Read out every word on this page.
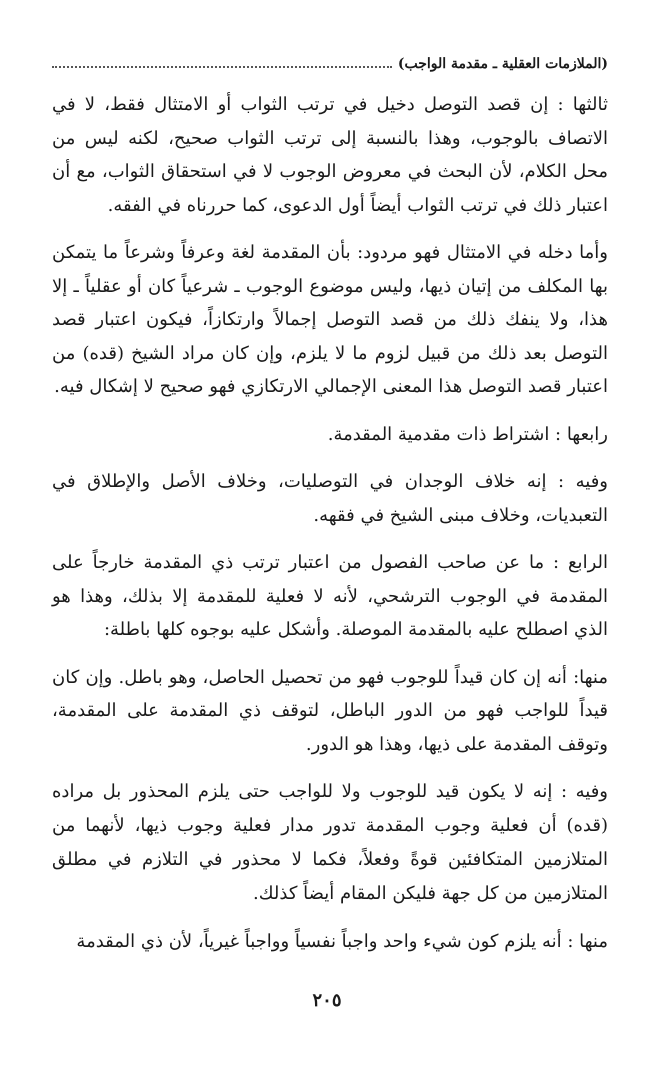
(الملازمات العقلية ـ مقدمة الواجب)

ثالثها : إن قصد التوصل دخيل في ترتب الثواب أو الامتثال فقط، لا في الاتصاف بالوجوب، وهذا بالنسبة إلى ترتب الثواب صحيح، لكنه ليس من محل الكلام، لأن البحث في معروض الوجوب لا في استحقاق الثواب، مع أن اعتبار ذلك في ترتب الثواب أيضاً أول الدعوى، كما حررناه في الفقه.

وأما دخله في الامتثال فهو مردود: بأن المقدمة لغة وعرفاً وشرعاً ما يتمكن بها المكلف من إتيان ذيها، وليس موضوع الوجوب ـ شرعياً كان أو عقلياً ـ إلا هذا، ولا ينفك ذلك من قصد التوصل إجمالاً وارتكازاً، فيكون اعتبار قصد التوصل بعد ذلك من قبيل لزوم ما لا يلزم، وإن كان مراد الشيخ (قده) من اعتبار قصد التوصل هذا المعنى الإجمالي الارتكازي فهو صحيح لا إشكال فيه.

رابعها : اشتراط ذات مقدمية المقدمة.

وفيه : إنه خلاف الوجدان في التوصليات، وخلاف الأصل والإطلاق في التعبديات، وخلاف مبنى الشيخ في فقهه.

الرابع : ما عن صاحب الفصول من اعتبار ترتب ذي المقدمة خارجاً على المقدمة في الوجوب الترشحي، لأنه لا فعلية للمقدمة إلا بذلك، وهذا هو الذي اصطلح عليه بالمقدمة الموصلة. وأشكل عليه بوجوه كلها باطلة:

منها: أنه إن كان قيداً للوجوب فهو من تحصيل الحاصل، وهو باطل. وإن كان قيداً للواجب فهو من الدور الباطل، لتوقف ذي المقدمة على المقدمة، وتوقف المقدمة على ذيها، وهذا هو الدور.

وفيه : إنه لا يكون قيد للوجوب ولا للواجب حتى يلزم المحذور بل مراده (قده) أن فعلية وجوب المقدمة تدور مدار فعلية وجوب ذيها، لأنهما من المتلازمين المتكافئين قوةً وفعلاً، فكما لا محذور في التلازم في مطلق المتلازمين من كل جهة فليكن المقام أيضاً كذلك.

منها : أنه يلزم كون شيء واحد واجباً نفسياً وواجباً غيرياً، لأن ذي المقدمة

٢٠٥
